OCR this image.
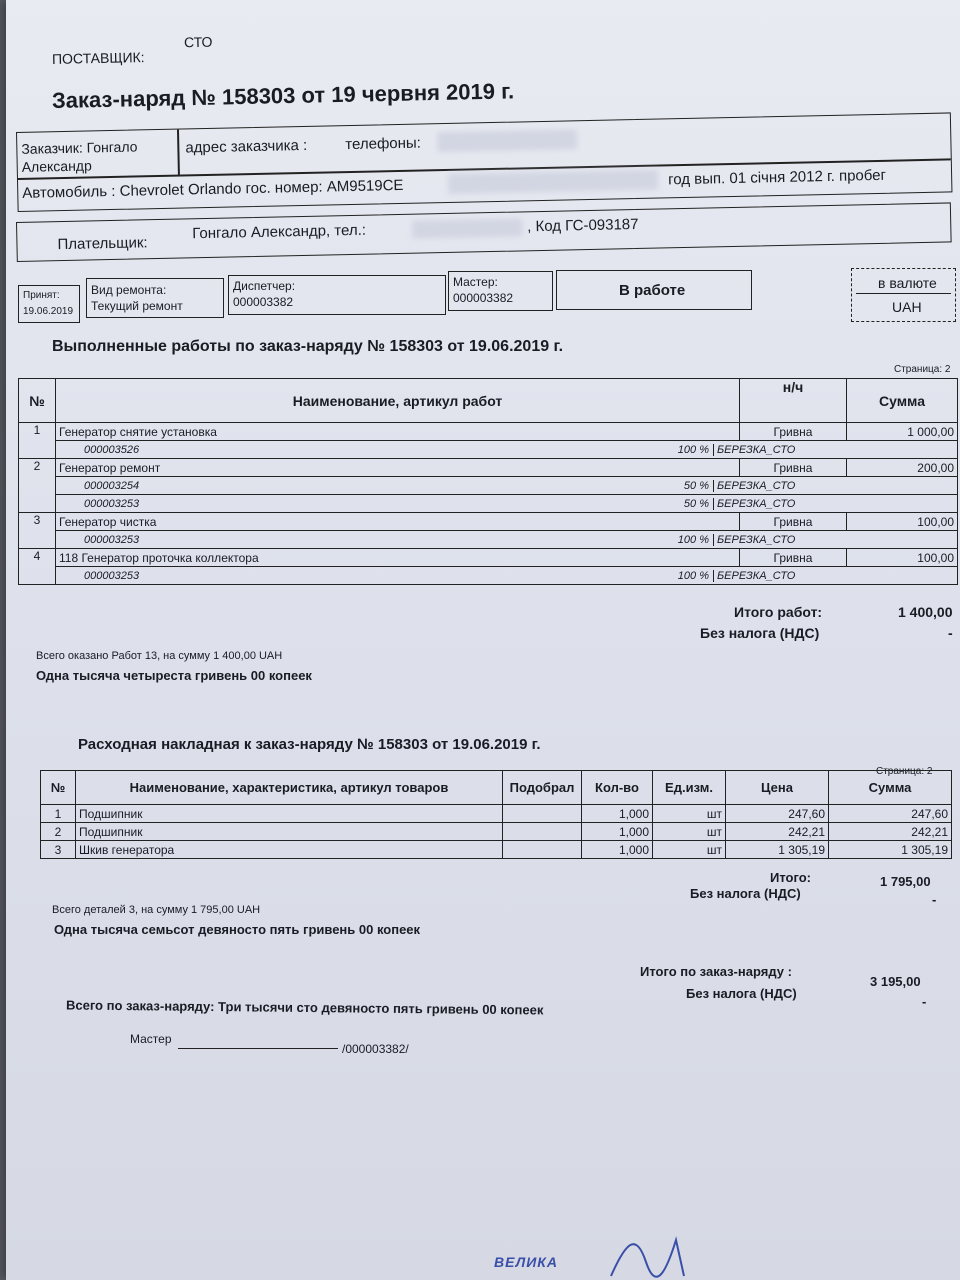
ПОСТАВЩИК:
СТО
Заказ-наряд № 158303 от 19 червня 2019 г.
Заказчик: Гонгало
Александр
адрес заказчика :	телефоны:
Автомобиль : Chevrolet Orlando гос. номер: AM9519CE	год вып. 01 січня 2012 г. пробег
Плательщик:
Гонгало Александр, тел.:	, Код ГС-093187
Принят:
19.06.2019
Вид ремонта:
Текущий ремонт
Диспетчер:
000003382
Мастер:
000003382	В работе	в валюте
UAH
Выполненные работы по заказ-наряду № 158303 от 19.06.2019 г.
Страница: 2
№	Наименование, артикул работ	н/ч	Сумма
1	Генератор снятие установка	Гривна	1 000,00

	000003526 100 % БЕРЕЗКА_СТО		

2	Генератор ремонт	Гривна	200,00

	000003254 50 % БЕРЕЗКА_СТО		

	000003253 50 % БЕРЕЗКА_СТО		

3	Генератор чистка	Гривна	100,00

	000003253 100 % БЕРЕЗКА_СТО		

4	118 Генератор проточка коллектора	Гривна	100,00

	000003253 100 % БЕРЕЗКА_СТО		
Итого работ:	1 400,00
Без налога (НДС)	-
Всего оказано Работ 13, на сумму 1 400,00 UAH
Одна тысяча четыреста гривень 00 копеек
Расходная накладная к заказ-наряду № 158303 от 19.06.2019 г.
Страница: 2
№	Наименование, характеристика, артикул товаров	Подобрал	Кол-во	Ед.изм.	Цена	Сумма
1	Подшипник		1,000	шт	247,60	247,60
2	Подшипник		1,000	шт	242,21	242,21
3	Шкив генератора		1,000	шт	1 305,19	1 305,19
Итого:	1 795,00
Без налога (НДС)	-
Всего деталей 3, на сумму 1 795,00 UAH
Одна тысяча семьсот девяносто пять гривень 00 копеек
Итого по заказ-наряду :
3 195,00
Без налога (НДС)
-
Всего по заказ-наряду: Три тысячи сто девяносто пять гривень 00 копеек
Мастер
/000003382/
ВЕЛИКА
